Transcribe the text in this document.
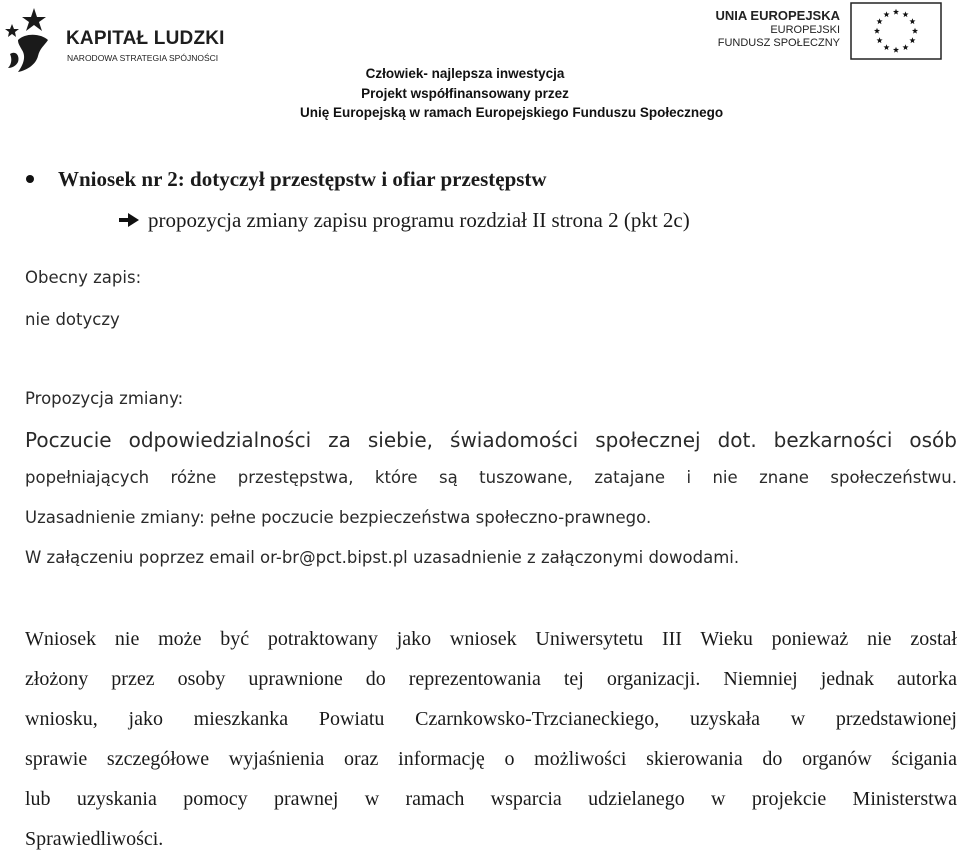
KAPITAŁ LUDZKI
NARODOWA STRATEGIA SPÓJNOŚCI
UNIA EUROPEJSKA
EUROPEJSKI
FUNDUSZ SPOŁECZNY
Człowiek- najlepsza inwestycja
Projekt współfinansowany przez
Unię Europejską w ramach Europejskiego Funduszu Społecznego
Wniosek nr 2: dotyczył przestępstw i ofiar przestępstw
propozycja zmiany zapisu programu rozdział II strona 2 (pkt 2c)
Obecny zapis:
nie dotyczy
Propozycja zmiany:
Poczucie odpowiedzialności za siebie, świadomości społecznej dot. bezkarności osób
popełniających różne przestępstwa, które są tuszowane, zatajane i nie znane społeczeństwu.
Uzasadnienie zmiany: pełne poczucie bezpieczeństwa społeczno-prawnego.
W załączeniu poprzez email or-br@pct.bipst.pl uzasadnienie z załączonymi dowodami.
Wniosek nie może być potraktowany jako wniosek Uniwersytetu III Wieku ponieważ nie został
złożony przez osoby uprawnione do reprezentowania tej organizacji. Niemniej jednak autorka
wniosku, jako mieszkanka Powiatu Czarnkowsko-Trzcianeckiego, uzyskała w przedstawionej
sprawie szczegółowe wyjaśnienia oraz informację o możliwości skierowania do organów ścigania
lub uzyskania pomocy prawnej w ramach wsparcia udzielanego w projekcie Ministerstwa
Sprawiedliwości.
